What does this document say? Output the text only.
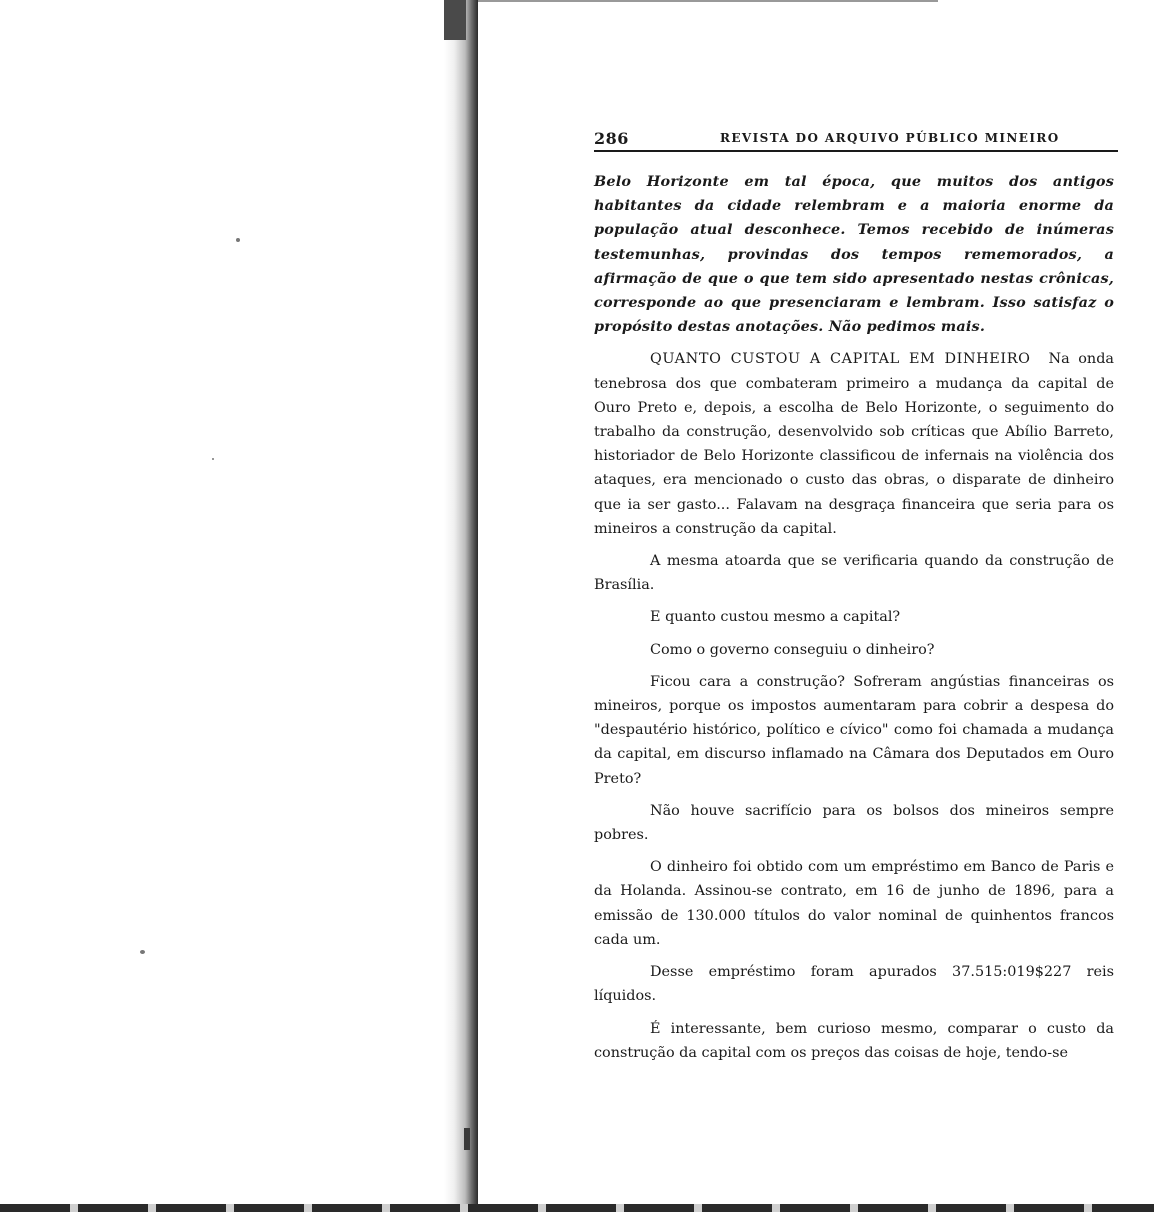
286	REVISTA DO ARQUIVO PÚBLICO MINEIRO

Belo Horizonte em tal época, que muitos dos antigos habitantes da cidade relembram e a maioria enorme da população atual desconhece. Temos recebido de inúmeras testemunhas, provindas dos tempos rememorados, a afirmação de que o que tem sido apresentado nestas crônicas, corresponde ao que presenciaram e lembram. Isso satisfaz o propósito destas anotações. Não pedimos mais.

QUANTO CUSTOU A CAPITAL EM DINHEIRO Na onda tenebrosa dos que combateram primeiro a mudança da capital de Ouro Preto e, depois, a escolha de Belo Horizonte, o seguimento do trabalho da construção, desenvolvido sob críticas que Abílio Barreto, historiador de Belo Horizonte classificou de infernais na violência dos ataques, era mencionado o custo das obras, o disparate de dinheiro que ia ser gasto... Falavam na desgraça financeira que seria para os mineiros a construção da capital.

A mesma atoarda que se verificaria quando da construção de Brasília.

E quanto custou mesmo a capital?

Como o governo conseguiu o dinheiro?

Ficou cara a construção? Sofreram angústias financeiras os mineiros, porque os impostos aumentaram para cobrir a despesa do "despautério histórico, político e cívico" como foi chamada a mudança da capital, em discurso inflamado na Câmara dos Deputados em Ouro Preto?

Não houve sacrifício para os bolsos dos mineiros sempre pobres.

O dinheiro foi obtido com um empréstimo em Banco de Paris e da Holanda. Assinou-se contrato, em 16 de junho de 1896, para a emissão de 130.000 títulos do valor nominal de quinhentos francos cada um.

Desse empréstimo foram apurados 37.515:019$227 reis líquidos.

É interessante, bem curioso mesmo, comparar o custo da construção da capital com os preços das coisas de hoje, tendo-se
